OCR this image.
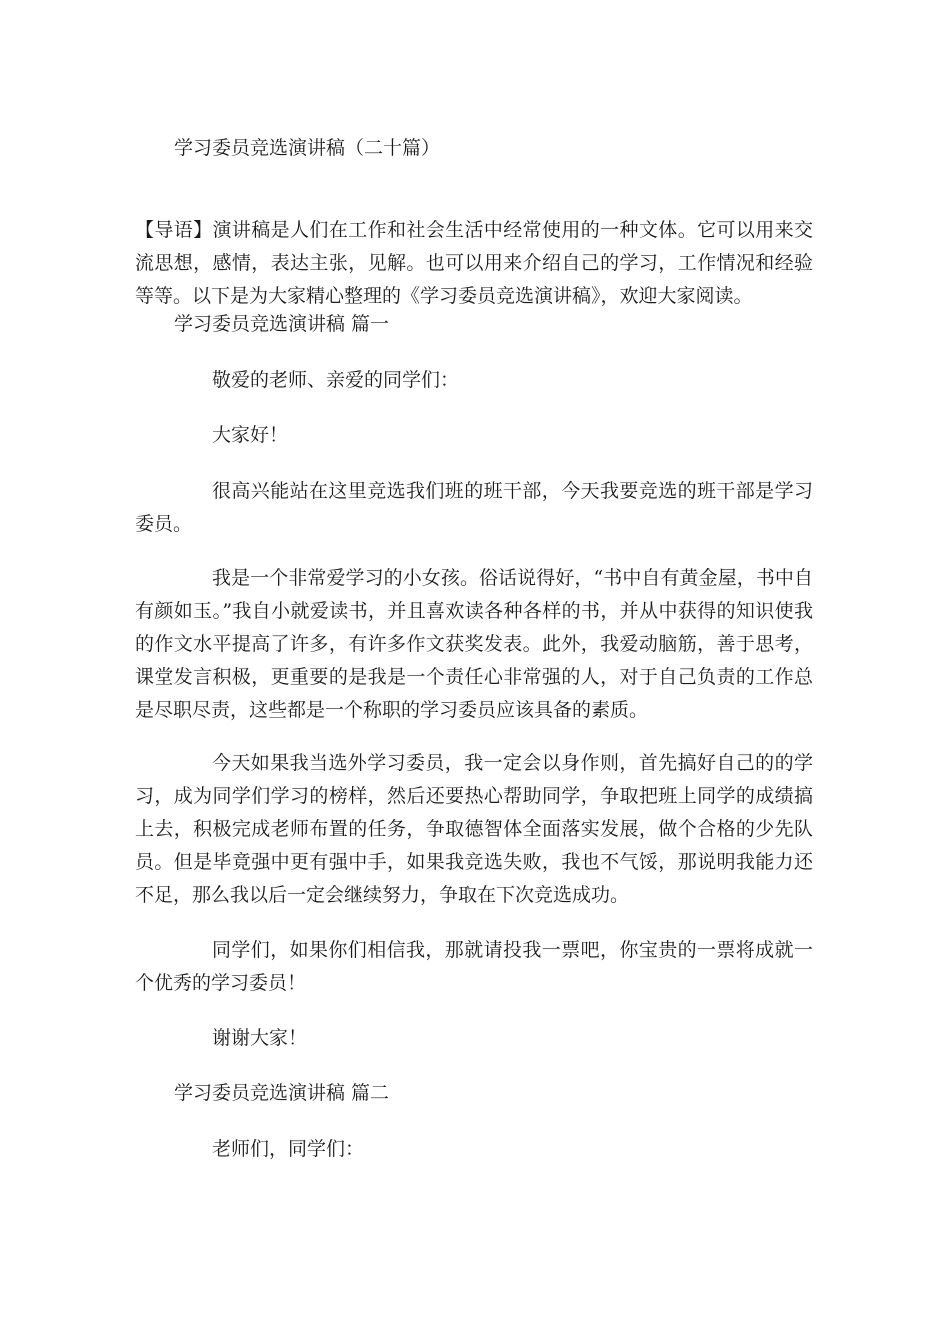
学习委员竞选演讲稿（二十篇）

【导语】演讲稿是人们在工作和社会生活中经常使用的一种文体。它可以用来交流思想，感情，表达主张，见解。也可以用来介绍自己的学习，工作情况和经验等等。以下是为大家精心整理的《学习委员竞选演讲稿》，欢迎大家阅读。

学习委员竞选演讲稿 篇一

敬爱的老师、亲爱的同学们：

大家好！

很高兴能站在这里竞选我们班的班干部，今天我要竞选的班干部是学习委员。

我是一个非常爱学习的小女孩。俗话说得好，“书中自有黄金屋，书中自有颜如玉。”我自小就爱读书，并且喜欢读各种各样的书，并从中获得的知识使我的作文水平提高了许多，有许多作文获奖发表。此外，我爱动脑筋，善于思考，课堂发言积极，更重要的是我是一个责任心非常强的人，对于自己负责的工作总是尽职尽责，这些都是一个称职的学习委员应该具备的素质。

今天如果我当选外学习委员，我一定会以身作则，首先搞好自己的的学习，成为同学们学习的榜样，然后还要热心帮助同学，争取把班上同学的成绩搞上去，积极完成老师布置的任务，争取德智体全面落实发展，做个合格的少先队员。但是毕竟强中更有强中手，如果我竞选失败，我也不气馁，那说明我能力还不足，那么我以后一定会继续努力，争取在下次竞选成功。

同学们，如果你们相信我，那就请投我一票吧，你宝贵的一票将成就一个优秀的学习委员！

谢谢大家！

学习委员竞选演讲稿 篇二

老师们，同学们：
